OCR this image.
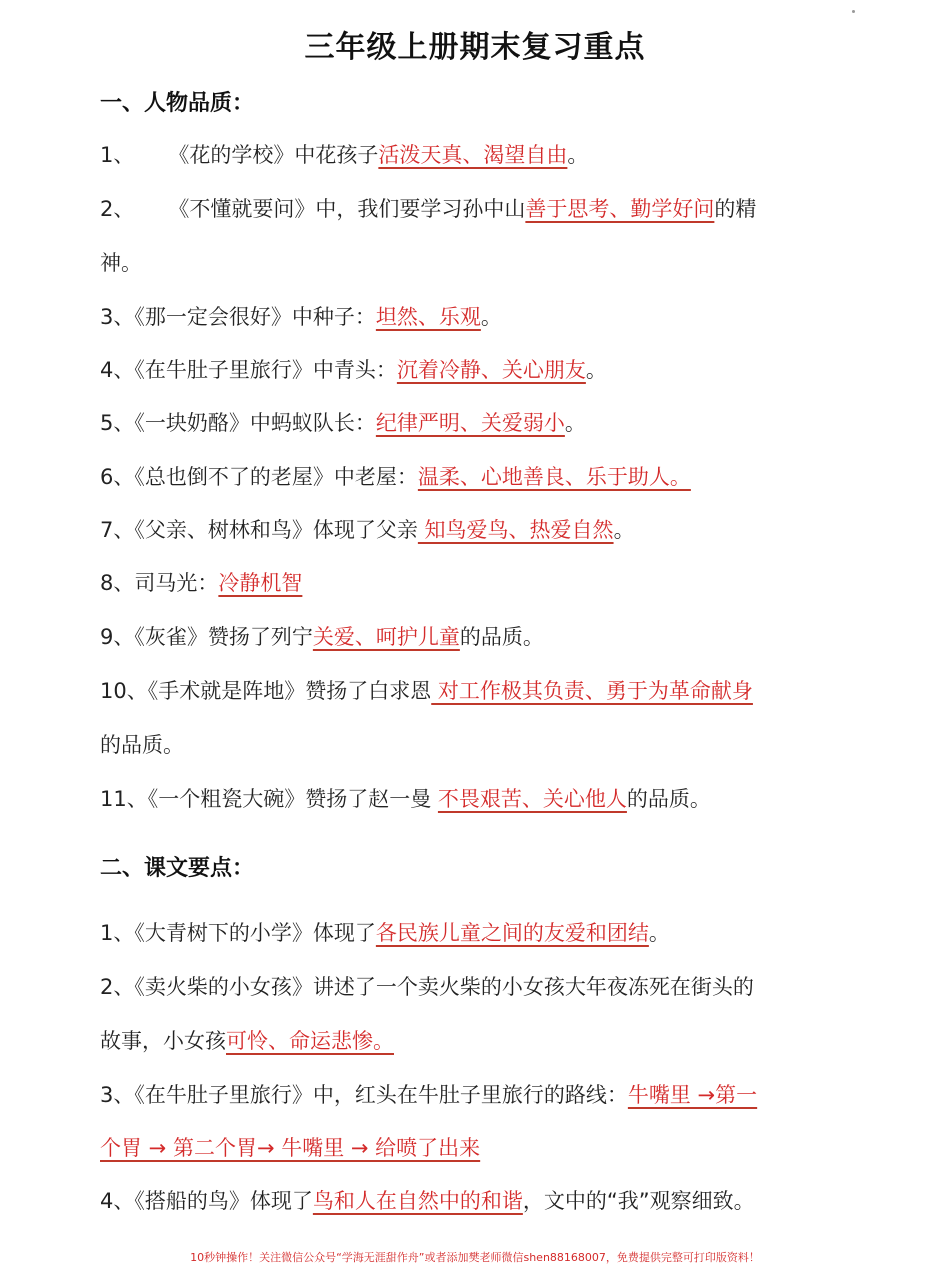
三年级上册期末复习重点
一、人物品质：
1、 《花的学校》中花孩子活泼天真、渴望自由。
2、 《不懂就要问》中，我们要学习孙中山善于思考、勤学好问的精
神。
3、《那一定会很好》中种子：坦然、乐观。
4、《在牛肚子里旅行》中青头：沉着冷静、关心朋友。
5、《一块奶酪》中蚂蚁队长：纪律严明、关爱弱小。
6、《总也倒不了的老屋》中老屋：温柔、心地善良、乐于助人。
7、《父亲、树林和鸟》体现了父亲 知鸟爱鸟、热爱自然。
8、司马光：冷静机智
9、《灰雀》赞扬了列宁关爱、呵护儿童的品质。
10、《手术就是阵地》赞扬了白求恩 对工作极其负责、勇于为革命献身
的品质。
11、《一个粗瓷大碗》赞扬了赵一曼 不畏艰苦、关心他人的品质。
二、课文要点：
1、《大青树下的小学》体现了各民族儿童之间的友爱和团结。
2、《卖火柴的小女孩》讲述了一个卖火柴的小女孩大年夜冻死在街头的
故事，小女孩可怜、命运悲惨。
3、《在牛肚子里旅行》中，红头在牛肚子里旅行的路线：牛嘴里 →第一
个胃 → 第二个胃→ 牛嘴里 → 给喷了出来
4、《搭船的鸟》体现了鸟和人在自然中的和谐，文中的“我”观察细致。
10秒钟操作！关注微信公众号“学海无涯甜作舟”或者添加樊老师微信shen88168007，免费提供完整可打印版资料！
